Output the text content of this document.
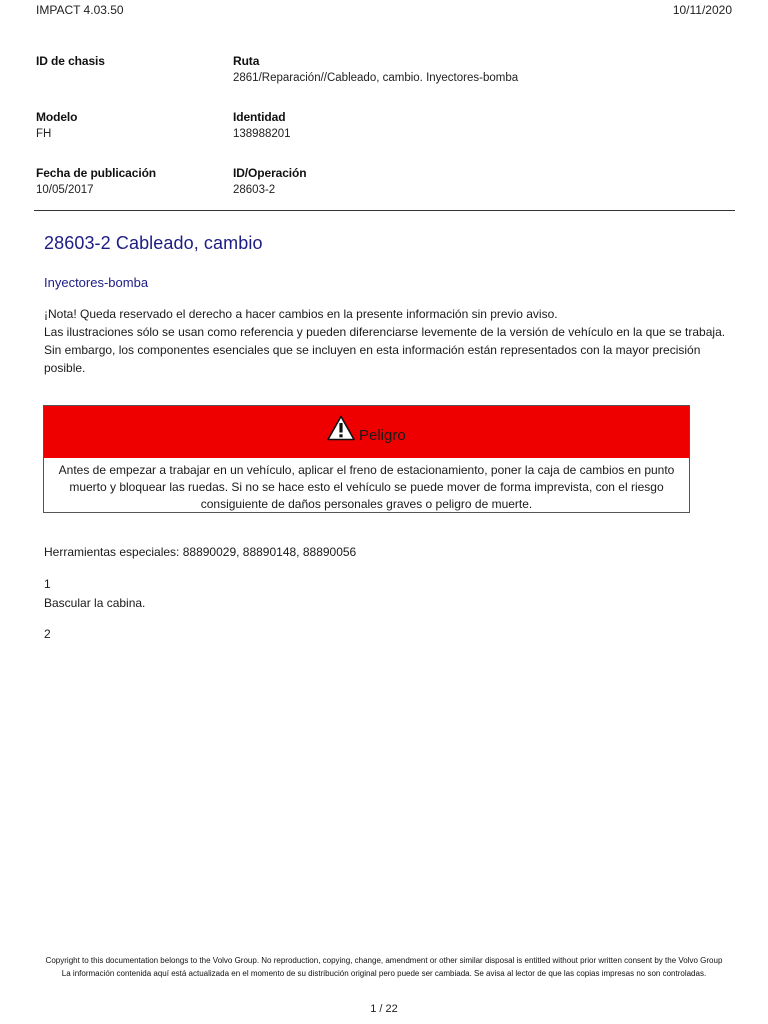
IMPACT 4.03.50	10/11/2020
ID de chasis	Ruta
2861/Reparación//Cableado, cambio. Inyectores-bomba
Modelo
FH
Identidad
138988201
Fecha de publicación
10/05/2017
ID/Operación
28603-2
28603-2 Cableado, cambio
Inyectores-bomba
¡Nota! Queda reservado el derecho a hacer cambios en la presente información sin previo aviso.
Las ilustraciones sólo se usan como referencia y pueden diferenciarse levemente de la versión de vehículo en la que se trabaja. Sin embargo, los componentes esenciales que se incluyen en esta información están representados con la mayor precisión posible.
Peligro
Antes de empezar a trabajar en un vehículo, aplicar el freno de estacionamiento, poner la caja de cambios en punto muerto y bloquear las ruedas. Si no se hace esto el vehículo se puede mover de forma imprevista, con el riesgo consiguiente de daños personales graves o peligro de muerte.
Herramientas especiales: 88890029, 88890148, 88890056
1
Bascular la cabina.
2
Copyright to this documentation belongs to the Volvo Group. No reproduction, copying, change, amendment or other similar disposal is entitled without prior written consent by the Volvo Group
La información contenida aquí está actualizada en el momento de su distribución original pero puede ser cambiada. Se avisa al lector de que las copias impresas no son controladas.
1 / 22
